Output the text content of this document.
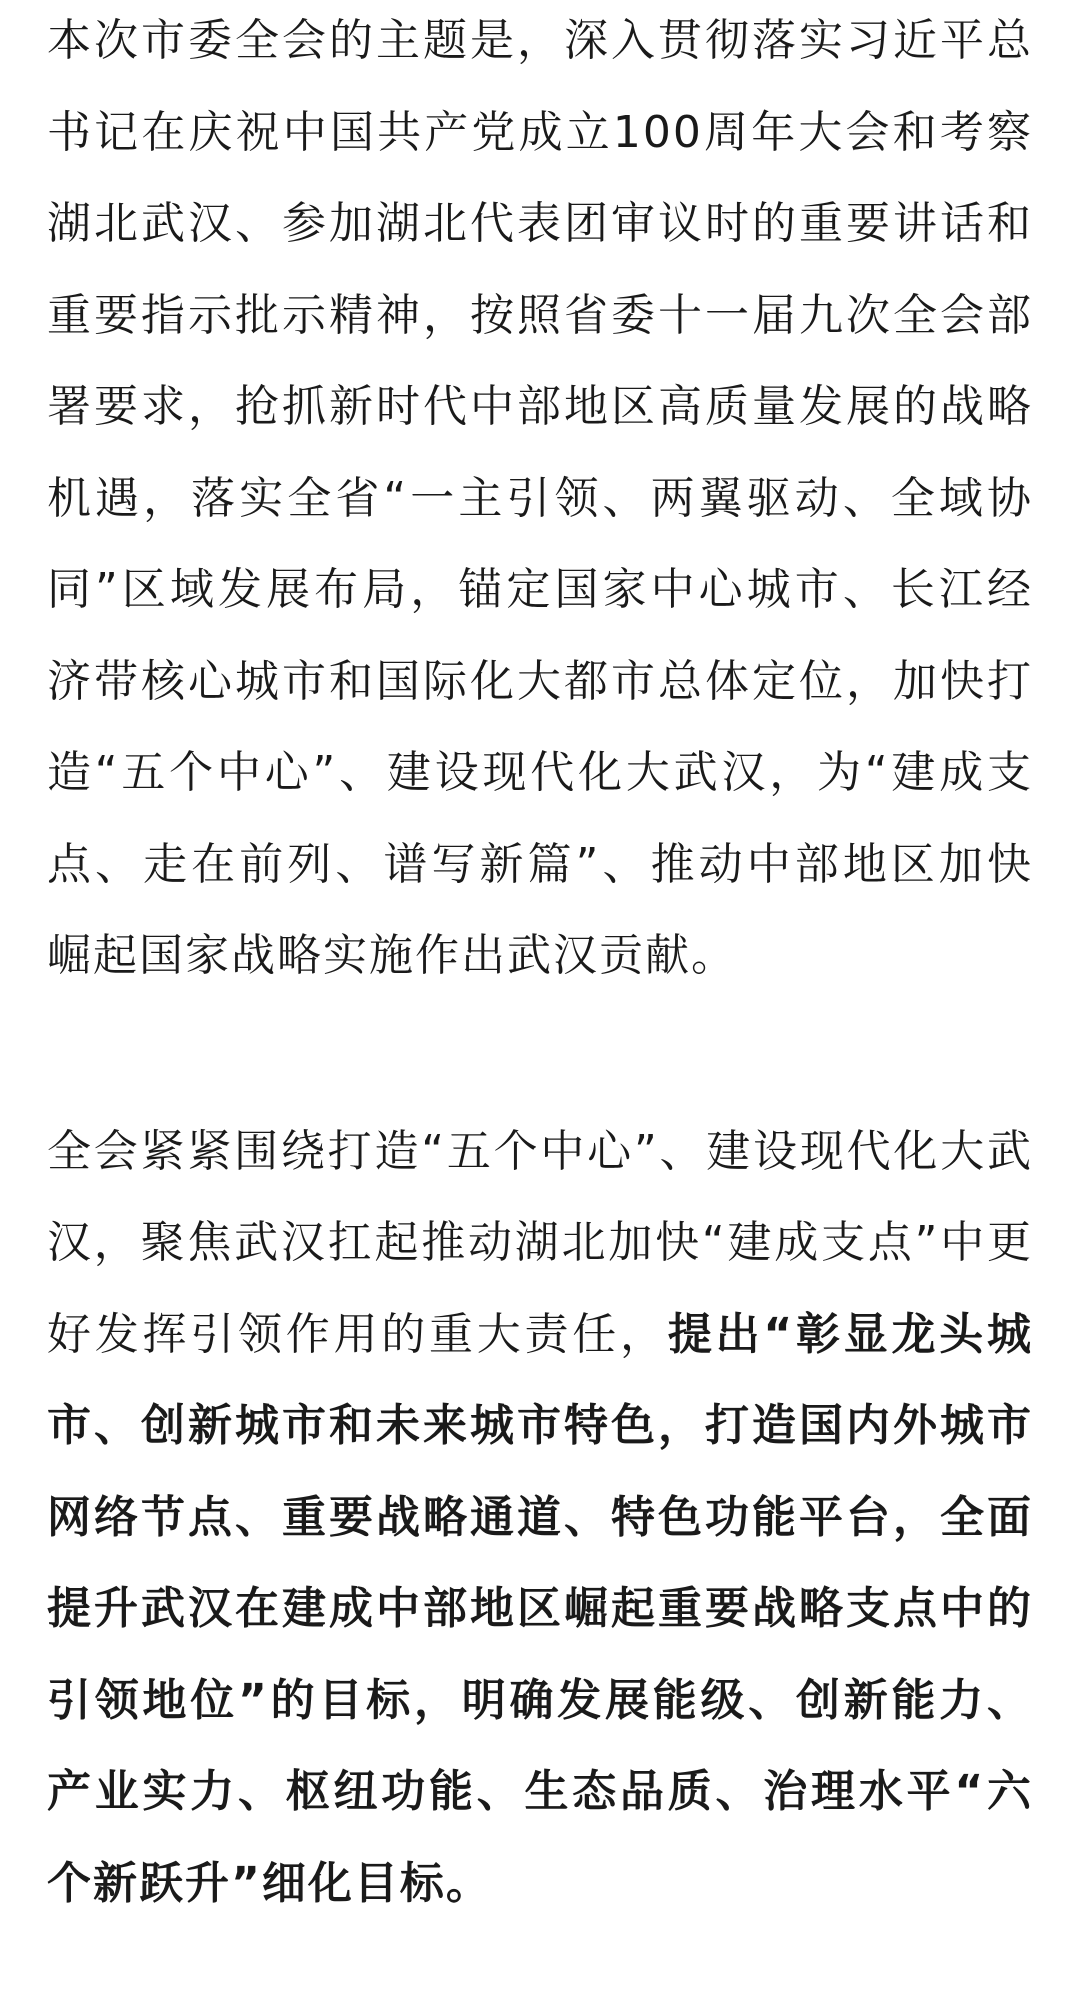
本次市委全会的主题是，深入贯彻落实习近平总书记在庆祝中国共产党成立100周年大会和考察湖北武汉、参加湖北代表团审议时的重要讲话和重要指示批示精神，按照省委十一届九次全会部署要求，抢抓新时代中部地区高质量发展的战略机遇，落实全省“一主引领、两翼驱动、全域协同”区域发展布局，锚定国家中心城市、长江经济带核心城市和国际化大都市总体定位，加快打造“五个中心”、建设现代化大武汉，为“建成支点、走在前列、谱写新篇”、推动中部地区加快崛起国家战略实施作出武汉贡献。

全会紧紧围绕打造“五个中心”、建设现代化大武汉，聚焦武汉扛起推动湖北加快“建成支点”中更好发挥引领作用的重大责任，提出“彰显龙头城市、创新城市和未来城市特色，打造国内外城市网络节点、重要战略通道、特色功能平台，全面提升武汉在建成中部地区崛起重要战略支点中的引领地位”的目标，明确发展能级、创新能力、产业实力、枢纽功能、生态品质、治理水平“六个新跃升”细化目标。
